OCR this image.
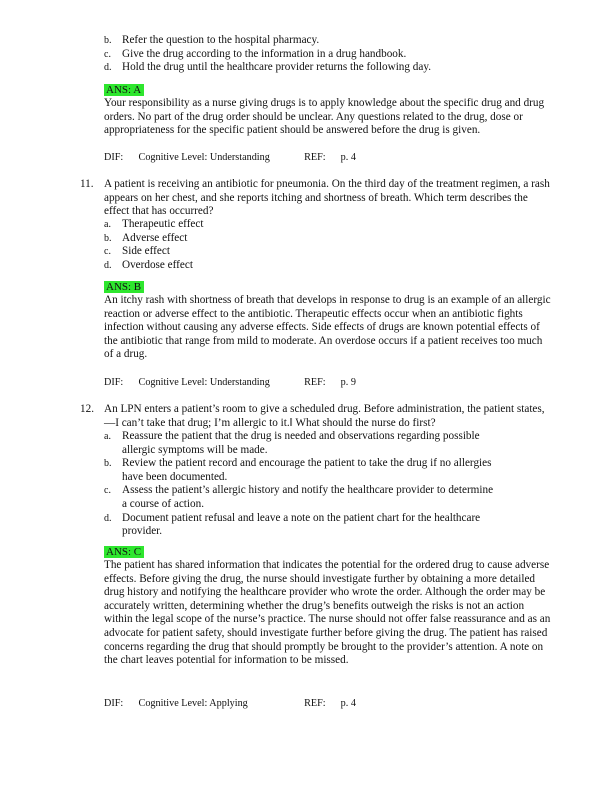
b. Refer the question to the hospital pharmacy.
c. Give the drug according to the information in a drug handbook.
d. Hold the drug until the healthcare provider returns the following day.
ANS: A
Your responsibility as a nurse giving drugs is to apply knowledge about the specific drug and drug orders. No part of the drug order should be unclear. Any questions related to the drug, dose or appropriateness for the specific patient should be answered before the drug is given.
DIF: Cognitive Level: Understanding	REF: p. 4
11. A patient is receiving an antibiotic for pneumonia. On the third day of the treatment regimen, a rash appears on her chest, and she reports itching and shortness of breath. Which term describes the effect that has occurred?
a. Therapeutic effect
b. Adverse effect
c. Side effect
d. Overdose effect
ANS: B
An itchy rash with shortness of breath that develops in response to drug is an example of an allergic reaction or adverse effect to the antibiotic. Therapeutic effects occur when an antibiotic fights infection without causing any adverse effects. Side effects of drugs are known potential effects of the antibiotic that range from mild to moderate. An overdose occurs if a patient receives too much of a drug.
DIF: Cognitive Level: Understanding	REF: p. 9
12. An LPN enters a patient’s room to give a scheduled drug. Before administration, the patient states, ―I can’t take that drug; I’m allergic to it.‖ What should the nurse do first?
a. Reassure the patient that the drug is needed and observations regarding possible
allergic symptoms will be made.
b. Review the patient record and encourage the patient to take the drug if no allergies
have been documented.
c. Assess the patient’s allergic history and notify the healthcare provider to determine
a course of action.
d. Document patient refusal and leave a note on the patient chart for the healthcare
provider.
ANS: C
The patient has shared information that indicates the potential for the ordered drug to cause adverse effects. Before giving the drug, the nurse should investigate further by obtaining a more detailed drug history and notifying the healthcare provider who wrote the order. Although the order may be accurately written, determining whether the drug’s benefits outweigh the risks is not an action within the legal scope of the nurse’s practice. The nurse should not offer false reassurance and as an advocate for patient safety, should investigate further before giving the drug. The patient has raised concerns regarding the drug that should promptly be brought to the provider’s attention. A note on the chart leaves potential for information to be missed.
DIF: Cognitive Level: Applying	REF: p. 4
